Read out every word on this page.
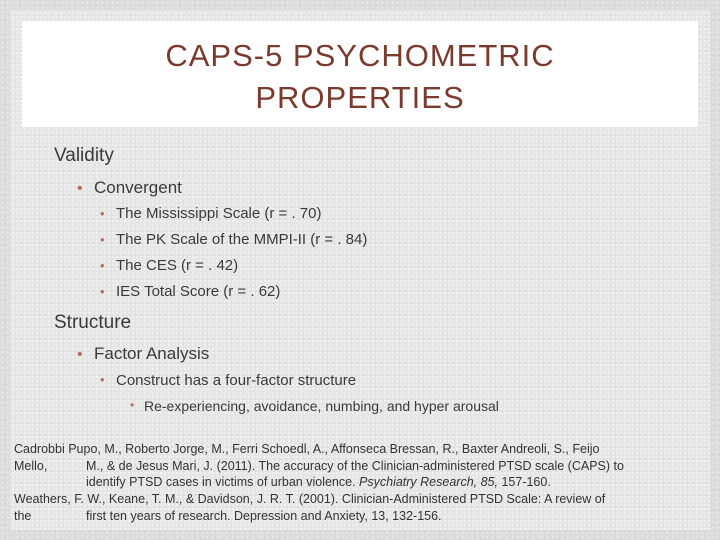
CAPS-5 PSYCHOMETRIC
PROPERTIES
Validity
• Convergent
• The Mississippi Scale (r = . 70)
• The PK Scale of the MMPI-II (r = . 84)
• The CES (r = . 42)
• IES Total Score (r = . 62)
Structure
• Factor Analysis
• Construct has a four-factor structure
• Re-experiencing, avoidance, numbing, and hyper arousal

Cadrobbi Pupo, M., Roberto Jorge, M., Ferri Schoedl, A., Affonseca Bressan, R., Baxter Andreoli, S., Feijo

Mello,	M., & de Jesus Mari, J. (2011). The accuracy of the Clinician-administered PTSD scale (CAPS) to

identify PTSD cases in victims of urban violence. Psychiatry Research, 85, 157-160.

Weathers, F. W., Keane, T. M., & Davidson, J. R. T. (2001). Clinician-Administered PTSD Scale: A review of

the	first ten years of research. Depression and Anxiety, 13, 132-156.
